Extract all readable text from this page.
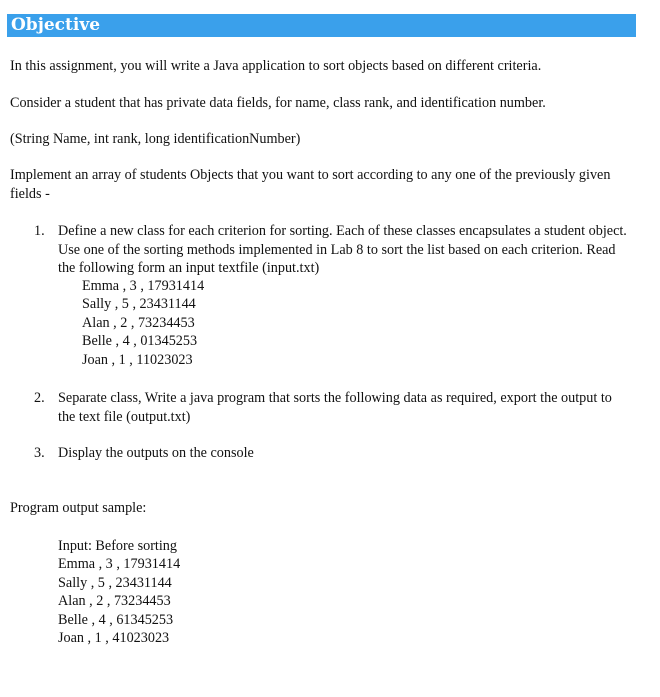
Objective

In this assignment, you will write a Java application to sort objects based on different criteria.

Consider a student that has private data fields, for name, class rank, and identification number.

(String Name, int rank, long identificationNumber)

Implement an array of students Objects that you want to sort according to any one of the previously given fields -

1. Define a new class for each criterion for sorting. Each of these classes encapsulates a student object. Use one of the sorting methods implemented in Lab 8 to sort the list based on each criterion. Read the following form an input textfile (input.txt)
Emma , 3 , 17931414
Sally , 5 , 23431144
Alan , 2 , 73234453
Belle , 4 , 01345253
Joan , 1 , 11023023
2. Separate class, Write a java program that sorts the following data as required, export the output to the text file (output.txt)
3. Display the outputs on the console

Program output sample:

Input: Before sorting
Emma , 3 , 17931414
Sally , 5 , 23431144
Alan , 2 , 73234453
Belle , 4 , 61345253
Joan , 1 , 41023023
